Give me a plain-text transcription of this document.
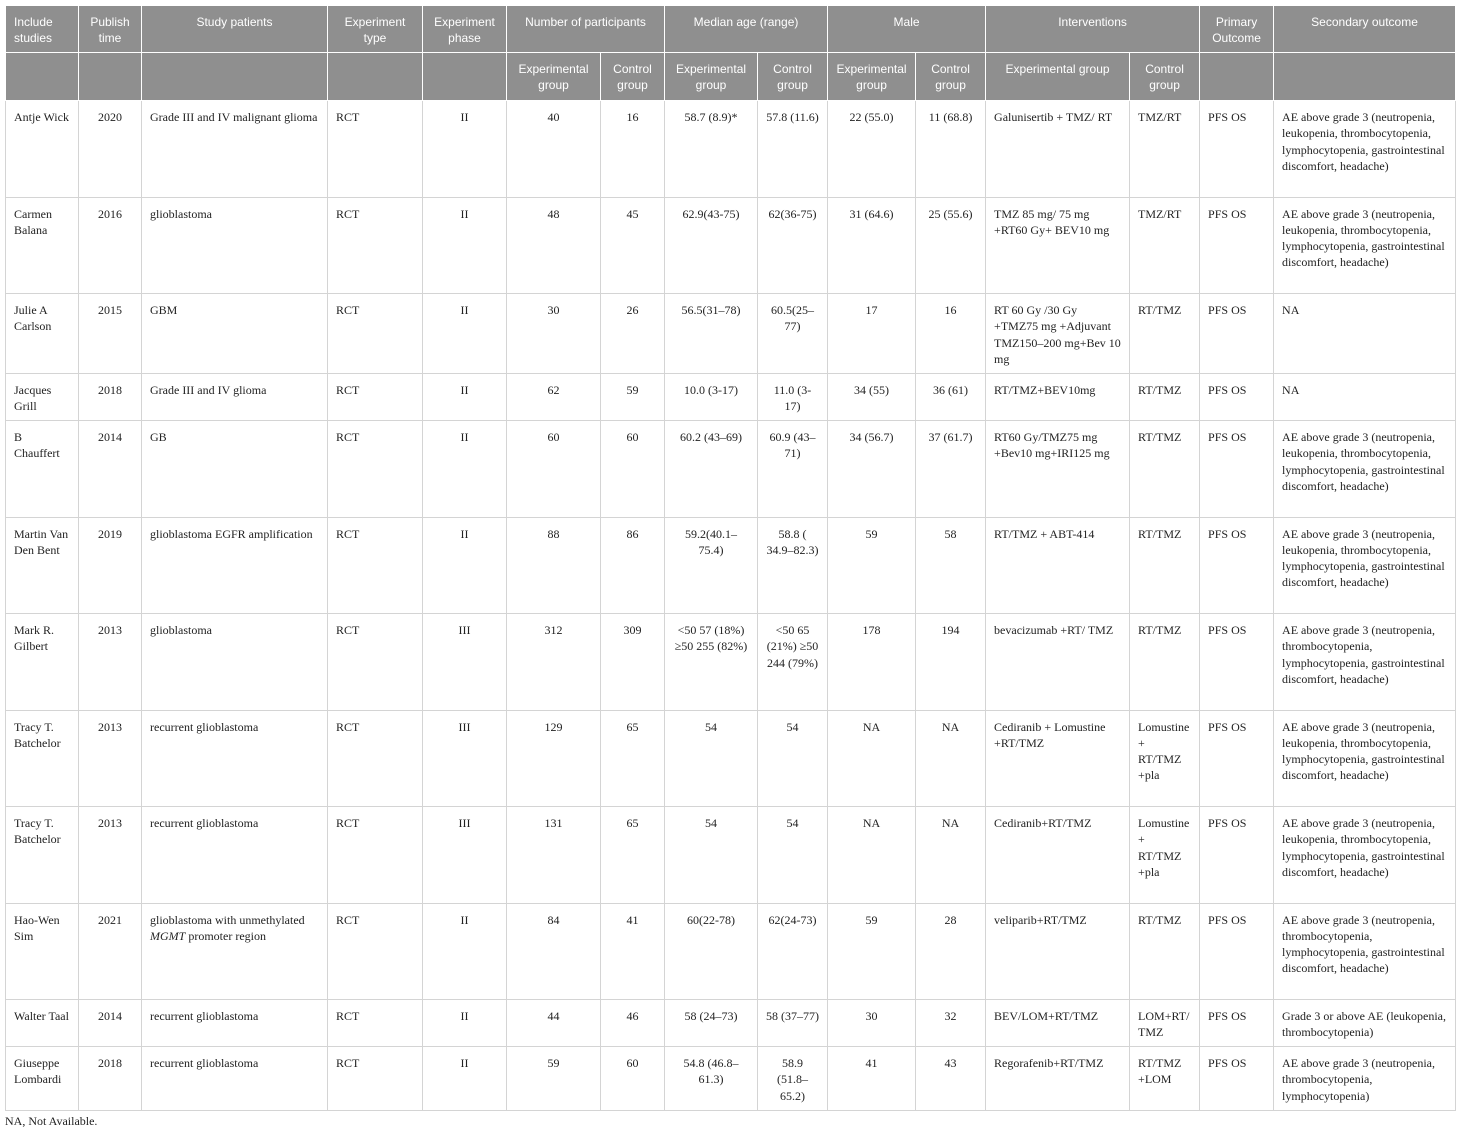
Include studies	Publish time	Study patients	Experiment type	Experiment phase	Number of participants		Median age (range)		Male		Interventions		Primary Outcome	Secondary outcome
					Experimental group	Control group	Experimental group	Control group	Experimental group	Control group	Experimental group	Control group		
Antje Wick	2020	Grade III and IV malignant glioma	RCT	II	40	16	58.7 (8.9)*	57.8 (11.6)	22 (55.0)	11 (68.8)	Galunisertib + TMZ/ RT	TMZ/RT	PFS OS	AE above grade 3 (neutropenia, leukopenia, thrombocytopenia, lymphocytopenia, gastrointestinal discomfort, headache)
Carmen Balana	2016	glioblastoma	RCT	II	48	45	62.9(43-75)	62(36-75)	31 (64.6)	25 (55.6)	TMZ 85 mg/ 75 mg +RT60 Gy+ BEV10 mg	TMZ/RT	PFS OS	AE above grade 3 (neutropenia, leukopenia, thrombocytopenia, lymphocytopenia, gastrointestinal discomfort, headache)
Julie A Carlson	2015	GBM	RCT	II	30	26	56.5(31–78)	60.5(25–77)	17	16	RT 60 Gy /30 Gy +TMZ75 mg +Adjuvant TMZ150–200 mg+Bev 10 mg	RT/TMZ	PFS OS	NA
Jacques Grill	2018	Grade III and IV glioma	RCT	II	62	59	10.0 (3-17)	11.0 (3-17)	34 (55)	36 (61)	RT/TMZ+BEV10mg	RT/TMZ	PFS OS	NA
B Chauffert	2014	GB	RCT	II	60	60	60.2 (43–69)	60.9 (43–71)	34 (56.7)	37 (61.7)	RT60 Gy/TMZ75 mg +Bev10 mg+IRI125 mg	RT/TMZ	PFS OS	AE above grade 3 (neutropenia, leukopenia, thrombocytopenia, lymphocytopenia, gastrointestinal discomfort, headache)
Martin Van Den Bent	2019	glioblastoma EGFR amplification	RCT	II	88	86	59.2(40.1–75.4)	58.8 ( 34.9–82.3)	59	58	RT/TMZ + ABT-414	RT/TMZ	PFS OS	AE above grade 3 (neutropenia, leukopenia, thrombocytopenia, lymphocytopenia, gastrointestinal discomfort, headache)
Mark R. Gilbert	2013	glioblastoma	RCT	III	312	309	<50 57 (18%) ≥50 255 (82%)	<50 65 (21%) ≥50 244 (79%)	178	194	bevacizumab +RT/ TMZ	RT/TMZ	PFS OS	AE above grade 3 (neutropenia, thrombocytopenia, lymphocytopenia, gastrointestinal discomfort, headache)
Tracy T. Batchelor	2013	recurrent glioblastoma	RCT	III	129	65	54	54	NA	NA	Cediranib + Lomustine +RT/TMZ	Lomustine + RT/TMZ +pla	PFS OS	AE above grade 3 (neutropenia, leukopenia, thrombocytopenia, lymphocytopenia, gastrointestinal discomfort, headache)
Tracy T. Batchelor	2013	recurrent glioblastoma	RCT	III	131	65	54	54	NA	NA	Cediranib+RT/TMZ	Lomustine + RT/TMZ +pla	PFS OS	AE above grade 3 (neutropenia, leukopenia, thrombocytopenia, lymphocytopenia, gastrointestinal discomfort, headache)
Hao-Wen Sim	2021	glioblastoma with unmethylated MGMT promoter region	RCT	II	84	41	60(22-78)	62(24-73)	59	28	veliparib+RT/TMZ	RT/TMZ	PFS OS	AE above grade 3 (neutropenia, thrombocytopenia, lymphocytopenia, gastrointestinal discomfort, headache)
Walter Taal	2014	recurrent glioblastoma	RCT	II	44	46	58 (24–73)	58 (37–77)	30	32	BEV/LOM+RT/TMZ	LOM+RT/ TMZ	PFS OS	Grade 3 or above AE (leukopenia, thrombocytopenia)
Giuseppe Lombardi	2018	recurrent glioblastoma	RCT	II	59	60	54.8 (46.8–61.3)	58.9 (51.8–65.2)	41	43	Regorafenib+RT/TMZ	RT/TMZ +LOM	PFS OS	AE above grade 3 (neutropenia, thrombocytopenia, lymphocytopenia)
NA, Not Available.
